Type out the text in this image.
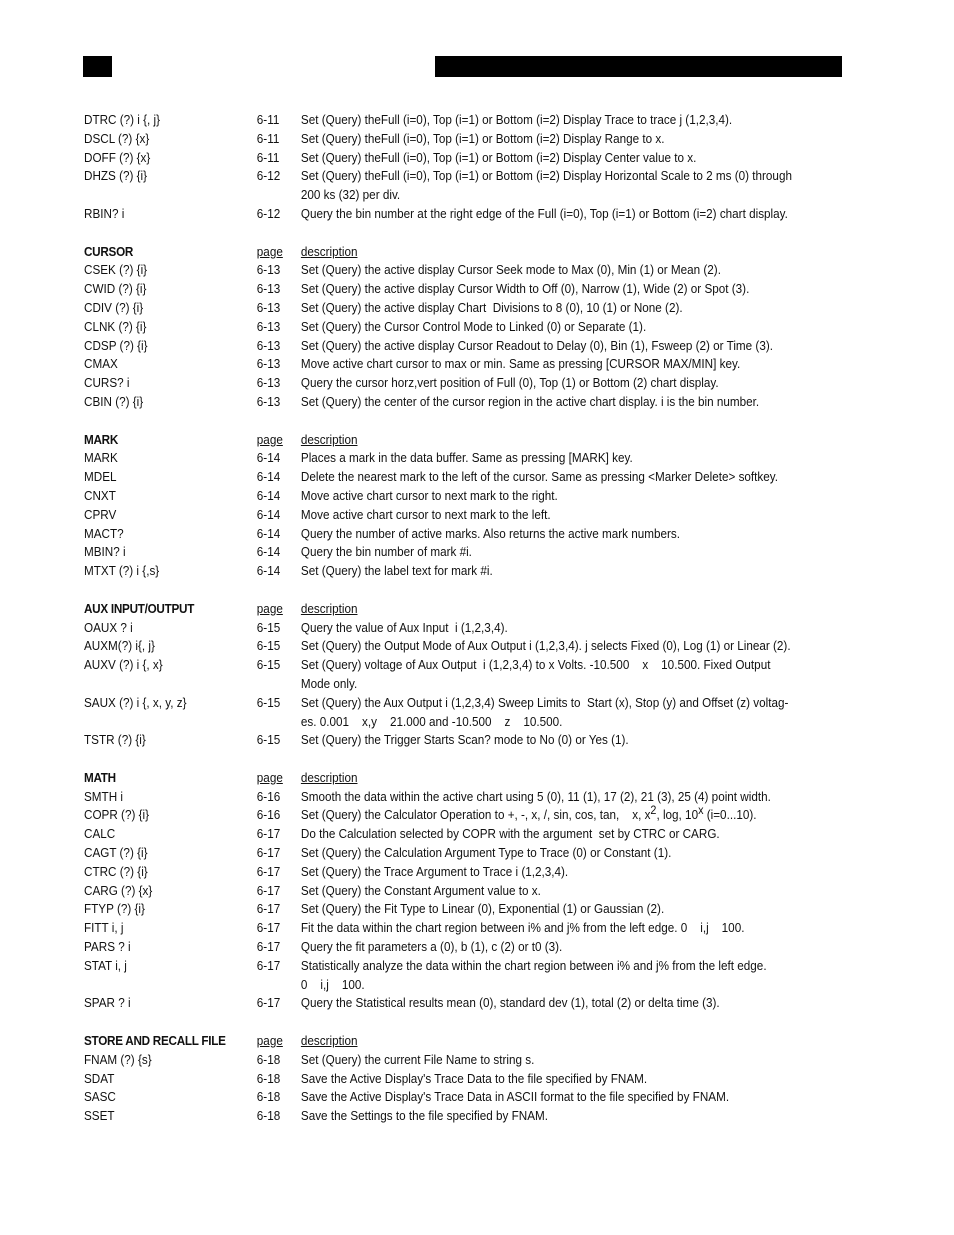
DTRC (?) i {, j}	6-11 Set (Query) theFull (i=0), Top (i=1) or Bottom (i=2) Display Trace to trace j (1,2,3,4).
DSCL (?) {x}	6-11 Set (Query) theFull (i=0), Top (i=1) or Bottom (i=2) Display Range to x.
DOFF (?) {x}	6-11 Set (Query) theFull (i=0), Top (i=1) or Bottom (i=2) Display Center value to x.
DHZS (?) {i}	6-12 Set (Query) theFull (i=0), Top (i=1) or Bottom (i=2) Display Horizontal Scale to 2 ms (0) through
200 ks (32) per div.
RBIN? i	6-12 Query the bin number at the right edge of the Full (i=0), Top (i=1) or Bottom (i=2) chart display.
CURSOR	page description
CSEK (?) {i}	6-13 Set (Query) the active display Cursor Seek mode to Max (0), Min (1) or Mean (2).
CWID (?) {i}	6-13 Set (Query) the active display Cursor Width to Off (0), Narrow (1), Wide (2) or Spot (3).
CDIV (?) {i}	6-13 Set (Query) the active display Chart  Divisions to 8 (0), 10 (1) or None (2).
CLNK (?) {i}	6-13 Set (Query) the Cursor Control Mode to Linked (0) or Separate (1).
CDSP (?) {i}	6-13 Set (Query) the active display Cursor Readout to Delay (0), Bin (1), Fsweep (2) or Time (3).
CMAX	6-13 Move active chart cursor to max or min. Same as pressing [CURSOR MAX/MIN] key.
CURS? i	6-13 Query the cursor horz,vert position of Full (0), Top (1) or Bottom (2) chart display.
CBIN (?) {i}	6-13 Set (Query) the center of the cursor region in the active chart display. i is the bin number.
MARK	page description
MARK	6-14 Places a mark in the data buffer. Same as pressing [MARK] key.
MDEL	6-14 Delete the nearest mark to the left of the cursor. Same as pressing <Marker Delete> softkey.
CNXT	6-14 Move active chart cursor to next mark to the right.
CPRV	6-14 Move active chart cursor to next mark to the left.
MACT?	6-14 Query the number of active marks. Also returns the active mark numbers.
MBIN? i	6-14 Query the bin number of mark #i.
MTXT (?) i {,s}	6-14 Set (Query) the label text for mark #i.
AUX INPUT/OUTPUT	page description
OAUX ? i	6-15 Query the value of Aux Input  i (1,2,3,4).
AUXM(?) i{, j}	6-15 Set (Query) the Output Mode of Aux Output i (1,2,3,4). j selects Fixed (0), Log (1) or Linear (2).
AUXV (?) i {, x}	6-15 Set (Query) voltage of Aux Output  i (1,2,3,4) to x Volts. -10.500    x    10.500. Fixed Output
Mode only.
SAUX (?) i {, x, y, z}	6-15 Set (Query) the Aux Output i (1,2,3,4) Sweep Limits to  Start (x), Stop (y) and Offset (z) voltag-
es. 0.001    x,y    21.000 and -10.500    z    10.500.
TSTR (?) {i}	6-15 Set (Query) the Trigger Starts Scan? mode to No (0) or Yes (1).
MATH	page description
SMTH i	6-16 Smooth the data within the active chart using 5 (0), 11 (1), 17 (2), 21 (3), 25 (4) point width.
COPR (?) {i}	6-16 Set (Query) the Calculator Operation to +, -, x, /, sin, cos, tan,    x, $x^2$, log, 10$^x$ (i=0...10).
CALC	6-17 Do the Calculation selected by COPR with the argument  set by CTRC or CARG.
CAGT (?) {i}	6-17 Set (Query) the Calculation Argument Type to Trace (0) or Constant (1).
CTRC (?) {i}	6-17 Set (Query) the Trace Argument to Trace i (1,2,3,4).
CARG (?) {x}	6-17 Set (Query) the Constant Argument value to x.
FTYP (?) {i}	6-17 Set (Query) the Fit Type to Linear (0), Exponential (1) or Gaussian (2).
FITT i, j	6-17 Fit the data within the chart region between i% and j% from the left edge. 0    i,j    100.
PARS ? i	6-17 Query the fit parameters a (0), b (1), c (2) or t0 (3).
STAT i, j	6-17 Statistically analyze the data within the chart region between i% and j% from the left edge.
0    i,j    100.
SPAR ? i	6-17 Query the Statistical results mean (0), standard dev (1), total (2) or delta time (3).
STORE AND RECALL FILE page description
FNAM (?) {s}	6-18 Set (Query) the current File Name to string s.
SDAT	6-18 Save the Active Display's Trace Data to the file specified by FNAM.
SASC	6-18 Save the Active Display's Trace Data in ASCII format to the file specified by FNAM.
SSET	6-18 Save the Settings to the file specified by FNAM.
